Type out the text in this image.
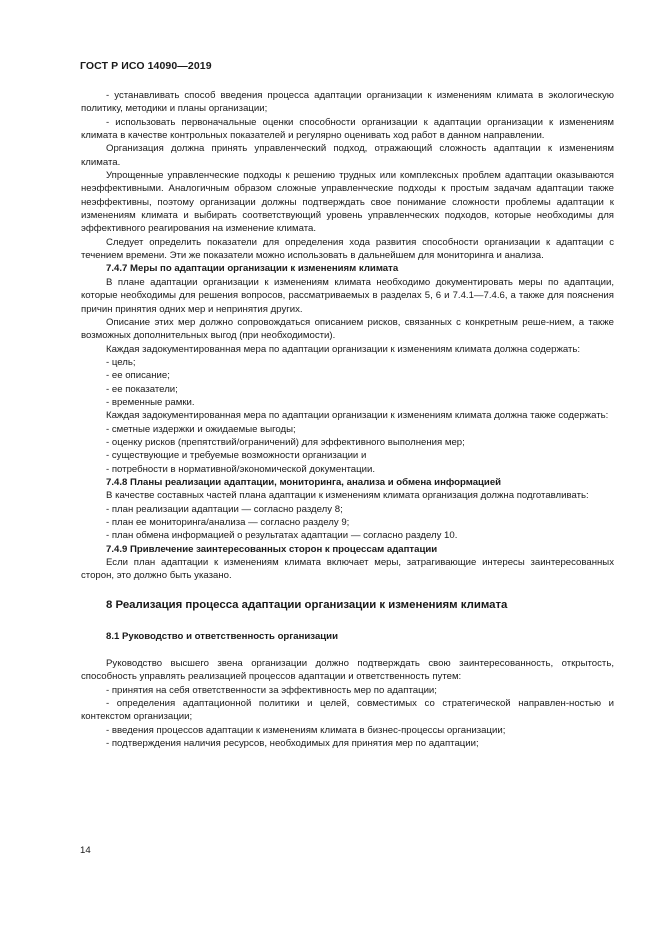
ГОСТ Р ИСО 14090—2019

- устанавливать способ введения процесса адаптации организации к изменениям климата в экологическую политику, методики и планы организации;

- использовать первоначальные оценки способности организации к адаптации организации к изменениям климата в качестве контрольных показателей и регулярно оценивать ход работ в данном направлении.

Организация должна принять управленческий подход, отражающий сложность адаптации к изменениям климата.

Упрощенные управленческие подходы к решению трудных или комплексных проблем адаптации оказываются неэффективными. Аналогичным образом сложные управленческие подходы к простым задачам адаптации также неэффективны, поэтому организации должны подтверждать свое понимание сложности проблемы адаптации к изменениям климата и выбирать соответствующий уровень управленческих подходов, которые необходимы для эффективного реагирования на изменение климата.

Следует определить показатели для определения хода развития способности организации к адаптации с течением времени. Эти же показатели можно использовать в дальнейшем для мониторинга и анализа.

7.4.7 Меры по адаптации организации к изменениям климата

В плане адаптации организации к изменениям климата необходимо документировать меры по адаптации, которые необходимы для решения вопросов, рассматриваемых в разделах 5, 6 и 7.4.1—7.4.6, а также для пояснения причин принятия одних мер и непринятия других.

Описание этих мер должно сопровождаться описанием рисков, связанных с конкретным реше-нием, а также возможных дополнительных выгод (при необходимости).

Каждая задокументированная мера по адаптации организации к изменениям климата должна содержать:

- цель;

- ее описание;

- ее показатели;

- временные рамки.

Каждая задокументированная мера по адаптации организации к изменениям климата должна также содержать:

- сметные издержки и ожидаемые выгоды;

- оценку рисков (препятствий/ограничений) для эффективного выполнения мер;

- существующие и требуемые возможности организации и

- потребности в нормативной/экономической документации.

7.4.8 Планы реализации адаптации, мониторинга, анализа и обмена информацией

В качестве составных частей плана адаптации к изменениям климата организация должна подготавливать:

- план реализации адаптации — согласно разделу 8;

- план ее мониторинга/анализа — согласно разделу 9;

- план обмена информацией о результатах адаптации — согласно разделу 10.

7.4.9 Привлечение заинтересованных сторон к процессам адаптации

Если план адаптации к изменениям климата включает меры, затрагивающие интересы заинтересованных сторон, это должно быть указано.

8 Реализация процесса адаптации организации к изменениям климата
8.1 Руководство и ответственность организации

Руководство высшего звена организации должно подтверждать свою заинтересованность, открытость, способность управлять реализацией процессов адаптации и ответственность путем:

- принятия на себя ответственности за эффективность мер по адаптации;

- определения адаптационной политики и целей, совместимых со стратегической направлен-ностью и контекстом организации;

- введения процессов адаптации к изменениям климата в бизнес-процессы организации;

- подтверждения наличия ресурсов, необходимых для принятия мер по адаптации;

14
